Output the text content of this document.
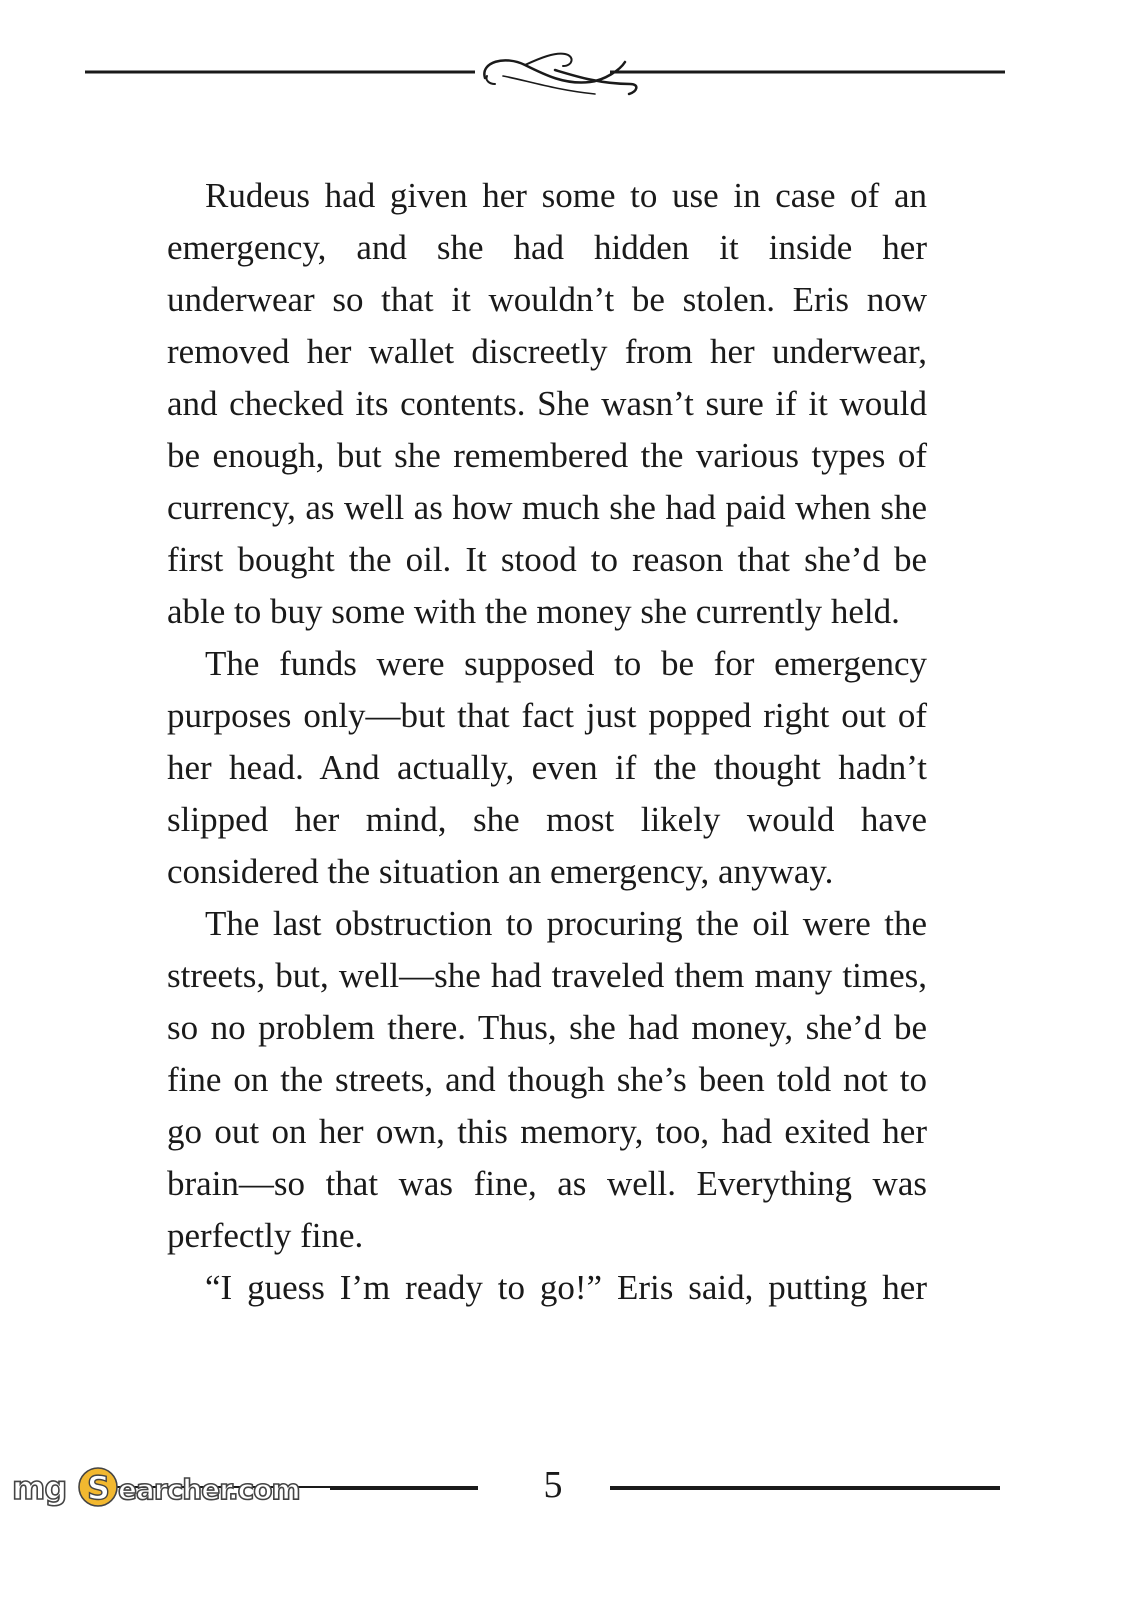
Rudeus had given her some to use in case of an emergency, and she had hidden it inside her underwear so that it wouldn’t be stolen. Eris now removed her wallet discreetly from her underwear, and checked its contents. She wasn’t sure if it would be enough, but she remembered the various types of currency, as well as how much she had paid when she first bought the oil. It stood to reason that she’d be able to buy some with the money she currently held.

The funds were supposed to be for emergency purposes only—but that fact just popped right out of her head. And actually, even if the thought hadn’t slipped her mind, she most likely would have considered the situation an emergency, anyway.

The last obstruction to procuring the oil were the streets, but, well—she had traveled them many times, so no problem there. Thus, she had money, she’d be fine on the streets, and though she’s been told not to go out on her own, this memory, too, had exited her brain—so that was fine, as well. Everything was perfectly fine.

“I guess I’m ready to go!” Eris said, putting her

5
mg S earcher.com
